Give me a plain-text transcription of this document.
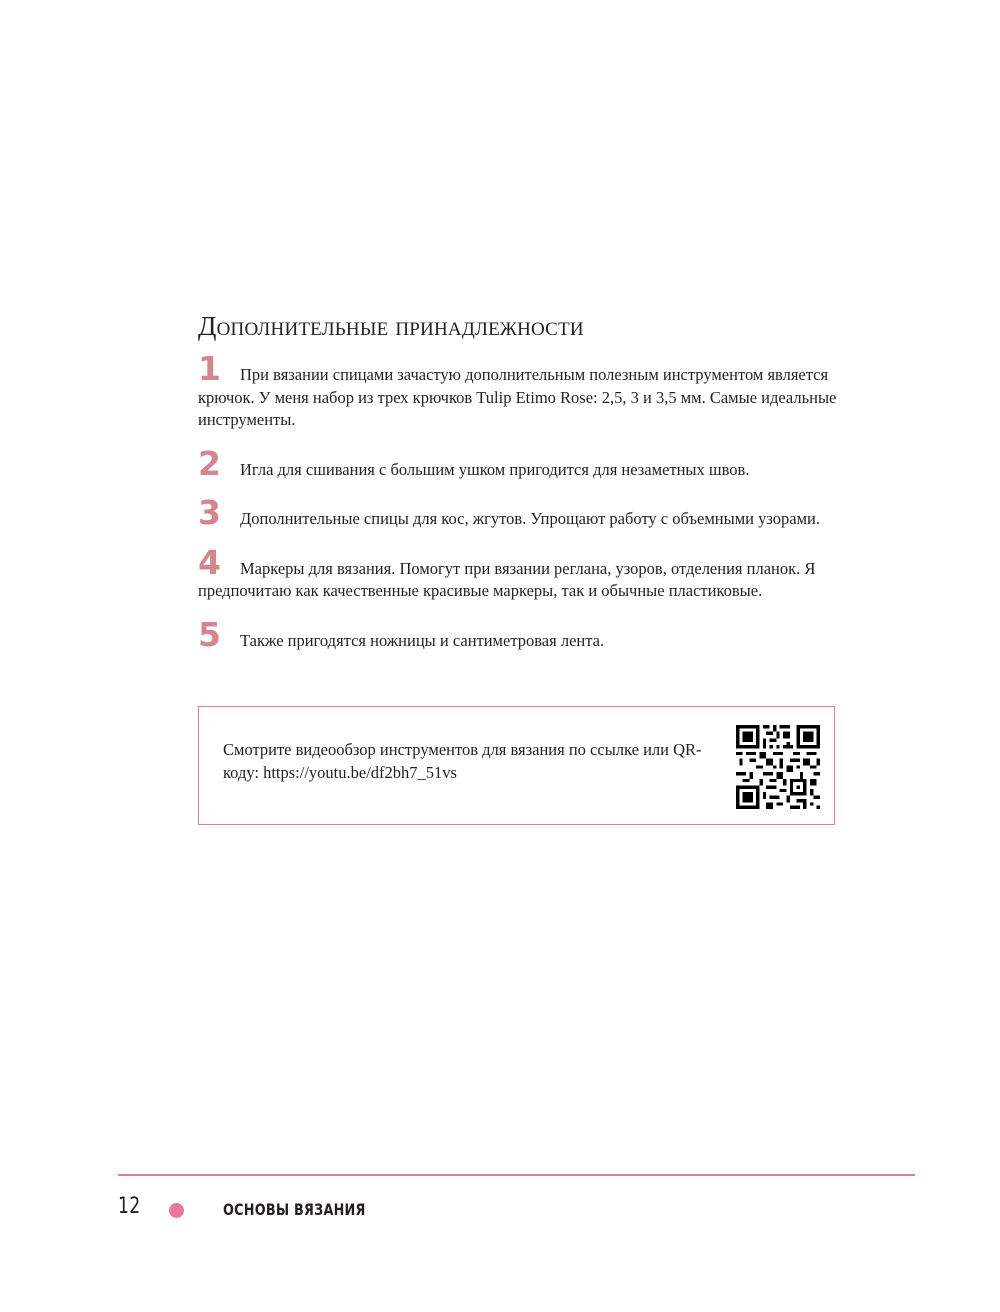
Дополнительные принадлежности

1 При вязании спицами зачастую дополнительным полезным инструментом является крючок. У меня набор из трех крючков Tulip Etimo Rose: 2,5, 3 и 3,5 мм. Самые идеальные инструменты.

2 Игла для сшивания с большим ушком пригодится для незаметных швов.

3 Дополнительные спицы для кос, жгутов. Упрощают работу с объемными узорами.

4 Маркеры для вязания. Помогут при вязании реглана, узоров, отделения планок. Я предпочитаю как качественные красивые маркеры, так и обычные пластиковые.

5 Также пригодятся ножницы и сантиметровая лента.

Смотрите видеообзор инструментов для вязания по ссылке или QR-коду: https://youtu.be/df2bh7_51vs
12	ОСНОВЫ ВЯЗАНИЯ
